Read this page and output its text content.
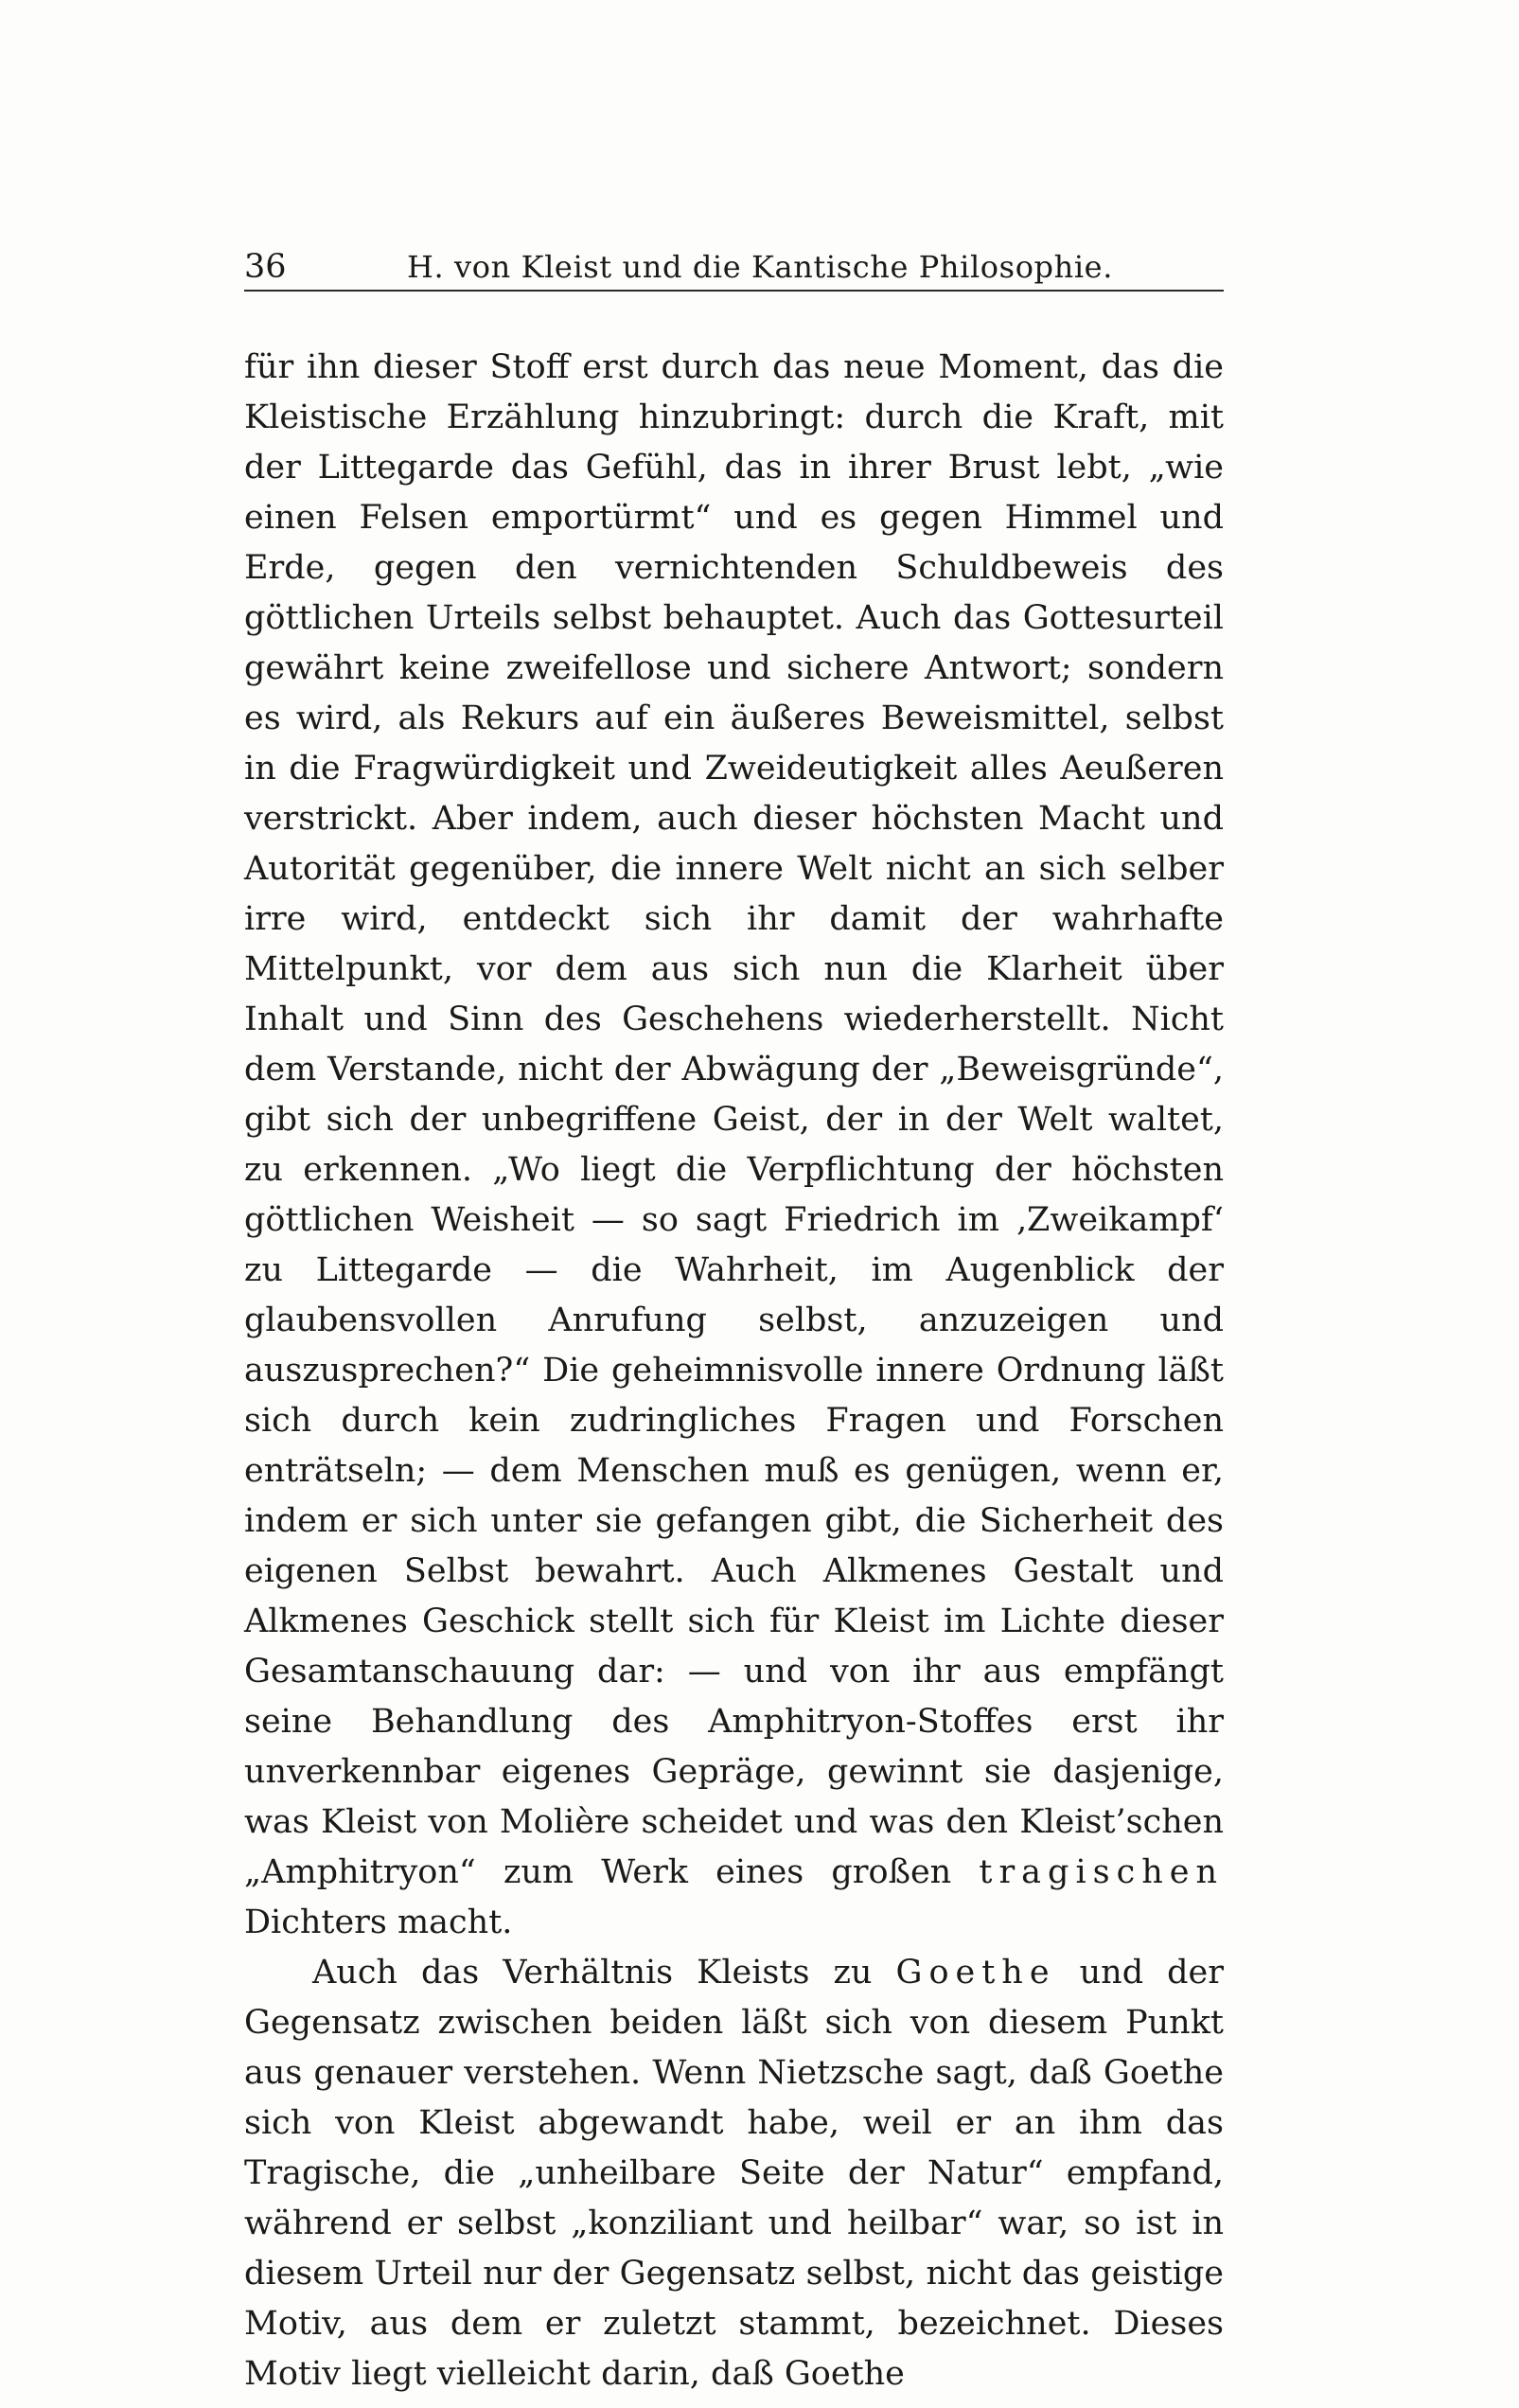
36	H. von Kleist und die Kantische Philosophie.

für ihn dieser Stoff erst durch das neue Moment, das die Kleistische Erzählung hinzubringt: durch die Kraft, mit der Littegarde das Gefühl, das in ihrer Brust lebt, „wie einen Felsen emportürmt“ und es gegen Himmel und Erde, gegen den vernichtenden Schuldbeweis des göttlichen Urteils selbst behauptet. Auch das Gottesurteil gewährt keine zweifellose und sichere Antwort; sondern es wird, als Rekurs auf ein äußeres Beweismittel, selbst in die Fragwürdigkeit und Zweideutigkeit alles Aeußeren verstrickt. Aber indem, auch dieser höchsten Macht und Autorität gegenüber, die innere Welt nicht an sich selber irre wird, entdeckt sich ihr damit der wahrhafte Mittelpunkt, vor dem aus sich nun die Klarheit über Inhalt und Sinn des Geschehens wiederherstellt. Nicht dem Verstande, nicht der Abwägung der „Beweisgründe“, gibt sich der unbegriffene Geist, der in der Welt waltet, zu erkennen. „Wo liegt die Verpflichtung der höchsten göttlichen Weisheit — so sagt Friedrich im ‚Zweikampf‘ zu Littegarde — die Wahrheit, im Augenblick der glaubensvollen Anrufung selbst, anzuzeigen und auszusprechen?“ Die geheimnisvolle innere Ordnung läßt sich durch kein zudringliches Fragen und Forschen enträtseln; — dem Menschen muß es genügen, wenn er, indem er sich unter sie gefangen gibt, die Sicherheit des eigenen Selbst bewahrt. Auch Alkmenes Gestalt und Alkmenes Geschick stellt sich für Kleist im Lichte dieser Gesamtanschauung dar: — und von ihr aus empfängt seine Behandlung des Amphitryon-Stoffes erst ihr unverkennbar eigenes Gepräge, gewinnt sie dasjenige, was Kleist von Molière scheidet und was den Kleist’schen „Amphitryon“ zum Werk eines großen tragischen Dichters macht.

Auch das Verhältnis Kleists zu Goethe und der Gegensatz zwischen beiden läßt sich von diesem Punkt aus genauer verstehen. Wenn Nietzsche sagt, daß Goethe sich von Kleist abgewandt habe, weil er an ihm das Tragische, die „unheilbare Seite der Natur“ empfand, während er selbst „konziliant und heilbar“ war, so ist in diesem Urteil nur der Gegensatz selbst, nicht das geistige Motiv, aus dem er zuletzt stammt, bezeichnet. Dieses Motiv liegt vielleicht darin, daß Goethe
